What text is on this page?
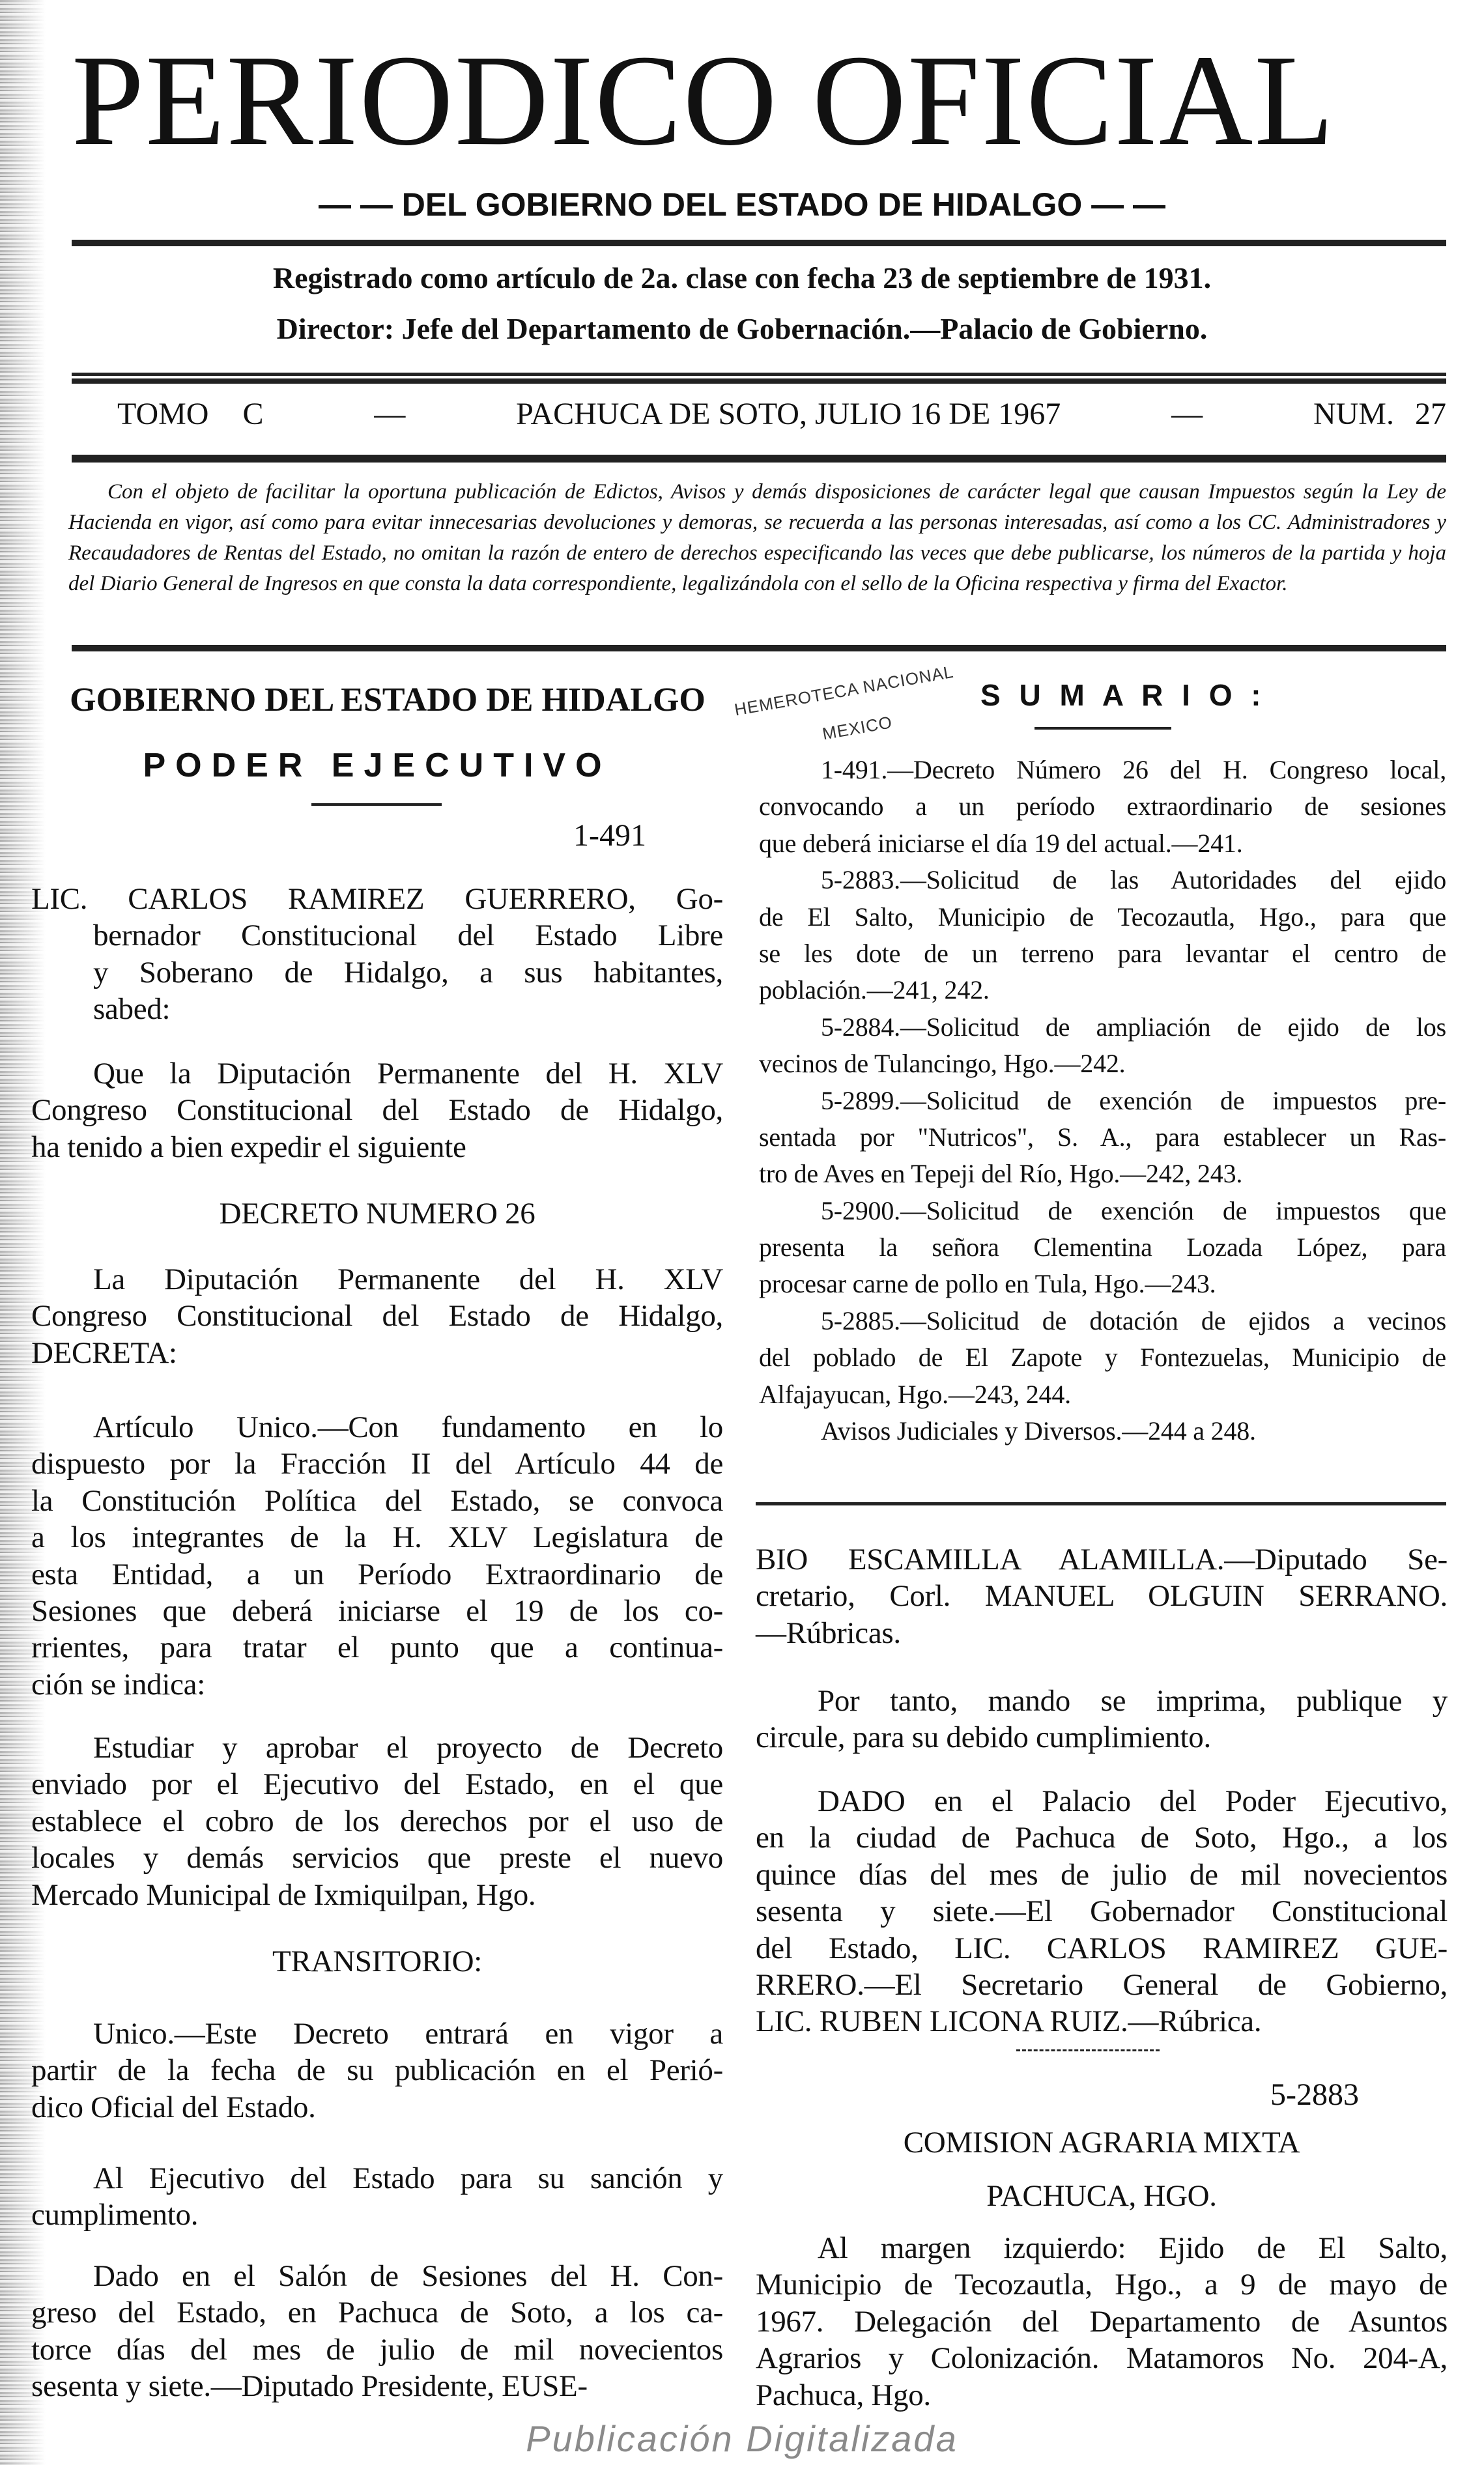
PERIODICO OFICIAL
— — DEL GOBIERNO DEL ESTADO DE HIDALGO — —
Registrado como artículo de 2a. clase con fecha 23 de septiembre de 1931.
Director: Jefe del Departamento de Gobernación.—Palacio de Gobierno.
TOMO C	—	PACHUCA DE SOTO, JULIO 16 DE 1967	—	NUM. 27
Con el objeto de facilitar la oportuna publicación de Edictos, Avisos y demás disposiciones de carácter legal que causan Impuestos según la Ley de Hacienda en vigor, así como para evitar innecesarias devoluciones y demoras, se recuerda a las personas interesadas, así como a los CC. Administradores y Recaudadores de Rentas del Estado, no omitan la razón de entero de derechos especificando las veces que debe publicarse, los números de la partida y hoja del Diario General de Ingresos en que consta la data correspondiente, legalizándola con el sello de la Oficina respectiva y firma del Exactor.
HEMEROTECA NACIONAL
MEXICO
GOBIERNO DEL ESTADO DE HIDALGO
PODER EJECUTIVO
1-491
LIC. CARLOS RAMIREZ GUERRERO, Go-
bernador Constitucional del Estado Libre
y Soberano de Hidalgo, a sus habitantes,
sabed:
Que la Diputación Permanente del H. XLV
Congreso Constitucional del Estado de Hidalgo,
ha tenido a bien expedir el siguiente
DECRETO NUMERO 26
La Diputación Permanente del H. XLV
Congreso Constitucional del Estado de Hidalgo,
DECRETA:
Artículo Unico.—Con fundamento en lo
dispuesto por la Fracción II del Artículo 44 de
la Constitución Política del Estado, se convoca
a los integrantes de la H. XLV Legislatura de
esta Entidad, a un Período Extraordinario de
Sesiones que deberá iniciarse el 19 de los co-
rrientes, para tratar el punto que a continua-
ción se indica:
Estudiar y aprobar el proyecto de Decreto
enviado por el Ejecutivo del Estado, en el que
establece el cobro de los derechos por el uso de
locales y demás servicios que preste el nuevo
Mercado Municipal de Ixmiquilpan, Hgo.
TRANSITORIO:
Unico.—Este Decreto entrará en vigor a
partir de la fecha de su publicación en el Perió-
dico Oficial del Estado.
Al Ejecutivo del Estado para su sanción y
cumplimento.
Dado en el Salón de Sesiones del H. Con-
greso del Estado, en Pachuca de Soto, a los ca-
torce días del mes de julio de mil novecientos
sesenta y siete.—Diputado Presidente, EUSE-
S U M A R I O :
1-491.—Decreto Número 26 del H. Congreso local,
convocando a un período extraordinario de sesiones
que deberá iniciarse el día 19 del actual.—241.
5-2883.—Solicitud de las Autoridades del ejido
de El Salto, Municipio de Tecozautla, Hgo., para que
se les dote de un terreno para levantar el centro de
población.—241, 242.
5-2884.—Solicitud de ampliación de ejido de los
vecinos de Tulancingo, Hgo.—242.
5-2899.—Solicitud de exención de impuestos pre-
sentada por "Nutricos", S. A., para establecer un Ras-
tro de Aves en Tepeji del Río, Hgo.—242, 243.
5-2900.—Solicitud de exención de impuestos que
presenta la señora Clementina Lozada López, para
procesar carne de pollo en Tula, Hgo.—243.
5-2885.—Solicitud de dotación de ejidos a vecinos
del poblado de El Zapote y Fontezuelas, Municipio de
Alfajayucan, Hgo.—243, 244.
Avisos Judiciales y Diversos.—244 a 248.
BIO ESCAMILLA ALAMILLA.—Diputado Se-
cretario, Corl. MANUEL OLGUIN SERRANO.
—Rúbricas.
Por tanto, mando se imprima, publique y
circule, para su debido cumplimiento.
DADO en el Palacio del Poder Ejecutivo,
en la ciudad de Pachuca de Soto, Hgo., a los
quince días del mes de julio de mil novecientos
sesenta y siete.—El Gobernador Constitucional
del Estado, LIC. CARLOS RAMIREZ GUE-
RRERO.—El Secretario General de Gobierno,
LIC. RUBEN LICONA RUIZ.—Rúbrica.
5-2883
COMISION AGRARIA MIXTA
PACHUCA, HGO.
Al margen izquierdo: Ejido de El Salto,
Municipio de Tecozautla, Hgo., a 9 de mayo de
1967. Delegación del Departamento de Asuntos
Agrarios y Colonización. Matamoros No. 204-A,
Pachuca, Hgo.
Publicación Digitalizada
